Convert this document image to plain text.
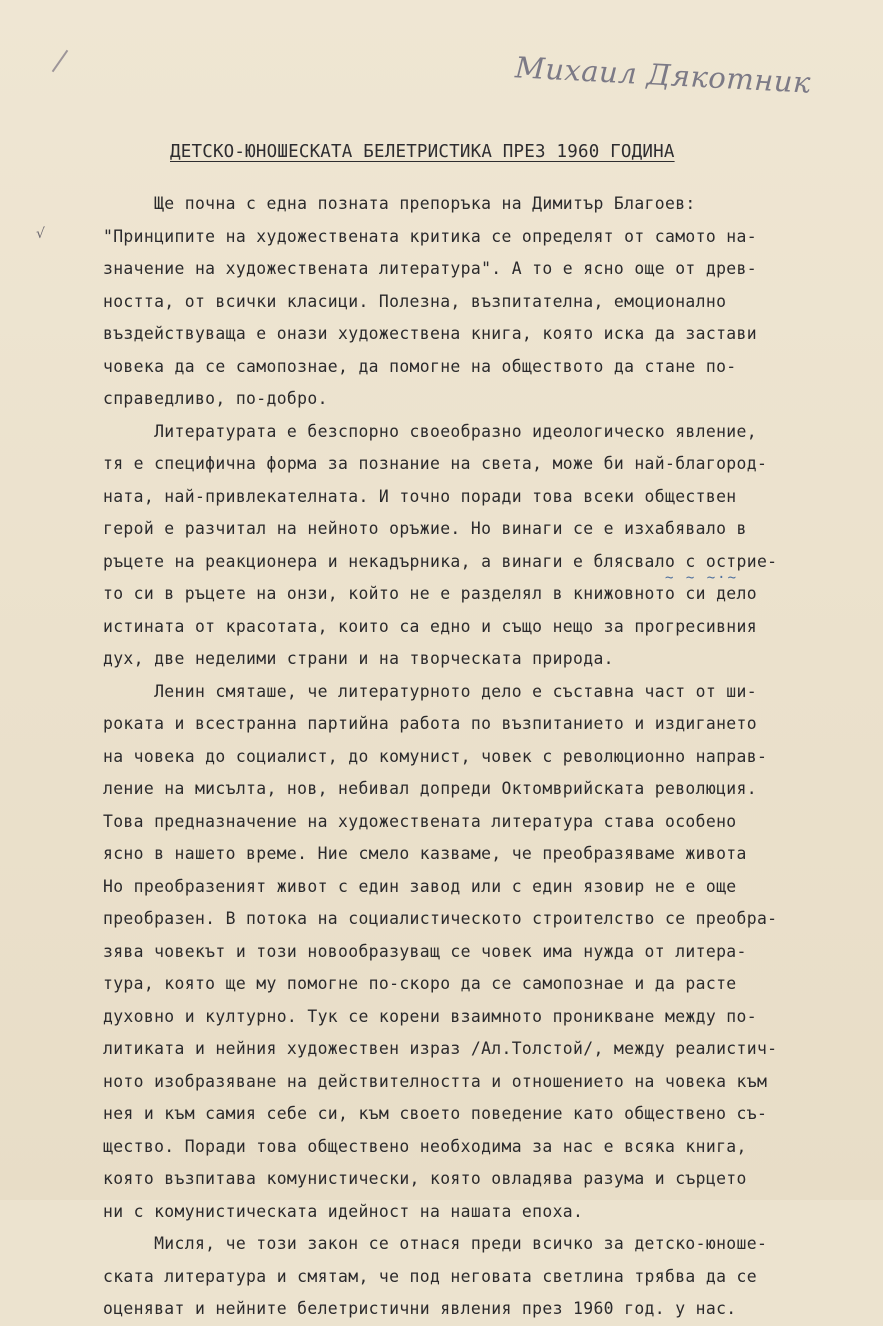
√
Михаил Дякотник
ДЕТСКО-ЮНОШЕСКАТА БЕЛЕТРИСТИКА ПРЕЗ 1960 ГОДИНА
Ще почна с една позната препоръка на Димитър Благоев:
"Принципите на художествената критика се определят от самото на-
значение на художествената литература". А то е ясно още от древ-
ността, от всички класици. Полезна, възпитателна, емоционално
въздействуваща е онази художествена книга, която иска да застави
човека да се самопознае, да помогне на обществото да стане по-
справедливо, по-добро.
Литературата е безспорно своеобразно идеологическо явление,
тя е специфична форма за познание на света, може би най-благород-
ната, най-привлекателната. И точно поради това всеки обществен
герой е разчитал на нейното оръжие. Но винаги се е изхабявало в
ръцете на реакционера и некадърника, а винаги е блясвало с острие-
то си в ръцете на онзи, който не е разделял в книжовното си дело
истината от красотата, които са едно и също нещо за прогресивния
дух, две неделими страни и на творческата природа.
Ленин смяташе, че литературното дело е съставна част от ши-
роката и всестранна партийна работа по възпитанието и издигането
на човека до социалист, до комунист, човек с революционно направ-
ление на мисълта, нов, небивал допреди Октомврийската революция.
Това предназначение на художествената литература става особено
ясно в нашето време. Ние смело казваме, че преобразяваме живота
Но преобразеният живот с един завод или с един язовир не е още
преобразен. В потока на социалистическото строителство се преобра-
зява човекът и този новообразуващ се човек има нужда от литера-
тура, която ще му помогне по-скоро да се самопознае и да расте
духовно и културно. Тук се корени взаимното проникване между по-
литиката и нейния художествен израз /Ал.Толстой/, между реалистич-
ното изобразяване на действителността и отношението на човека към
нея и към самия себе си, към своето поведение като обществено съ-
щество. Поради това обществено необходима за нас е всяка книга,
която възпитава комунистически, която овладява разума и сърцето
ни с комунистическата идейност на нашата епоха.
Мисля, че този закон се отнася преди всичко за детско-юноше-
ската литература и смятам, че под неговата светлина трябва да се
оценяват и нейните белетристични явления през 1960 год. у нас.
~ ~ ~·~
